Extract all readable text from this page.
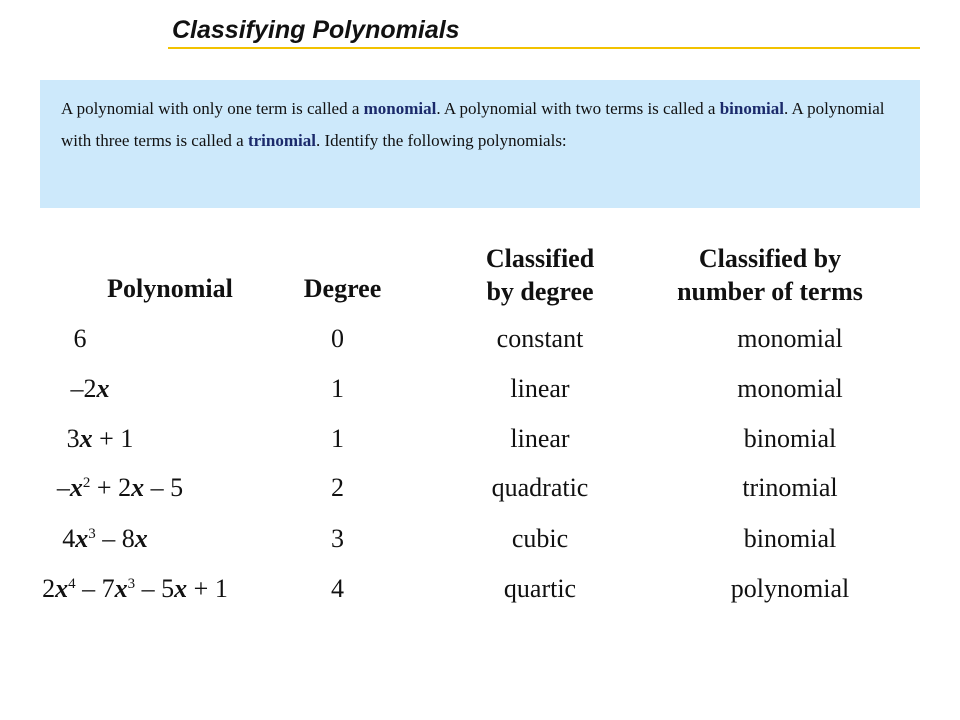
Classifying Polynomials
A polynomial with only one term is called a monomial. A polynomial with two terms is called a binomial. A polynomial with three terms is called a trinomial. Identify the following polynomials:
Polynomial	Degree
Classified
by degree
Classified by
number of terms
6
–2x
3x + 1
$-x^2 + 2x - 5$
$4x^3 - 8x$
$2x^4 - 7x^3 - 5x + 1$
0
1
1
2
3
4
constant
linear
linear
quadratic
cubic
quartic
monomial
monomial
binomial
trinomial
binomial
polynomial
